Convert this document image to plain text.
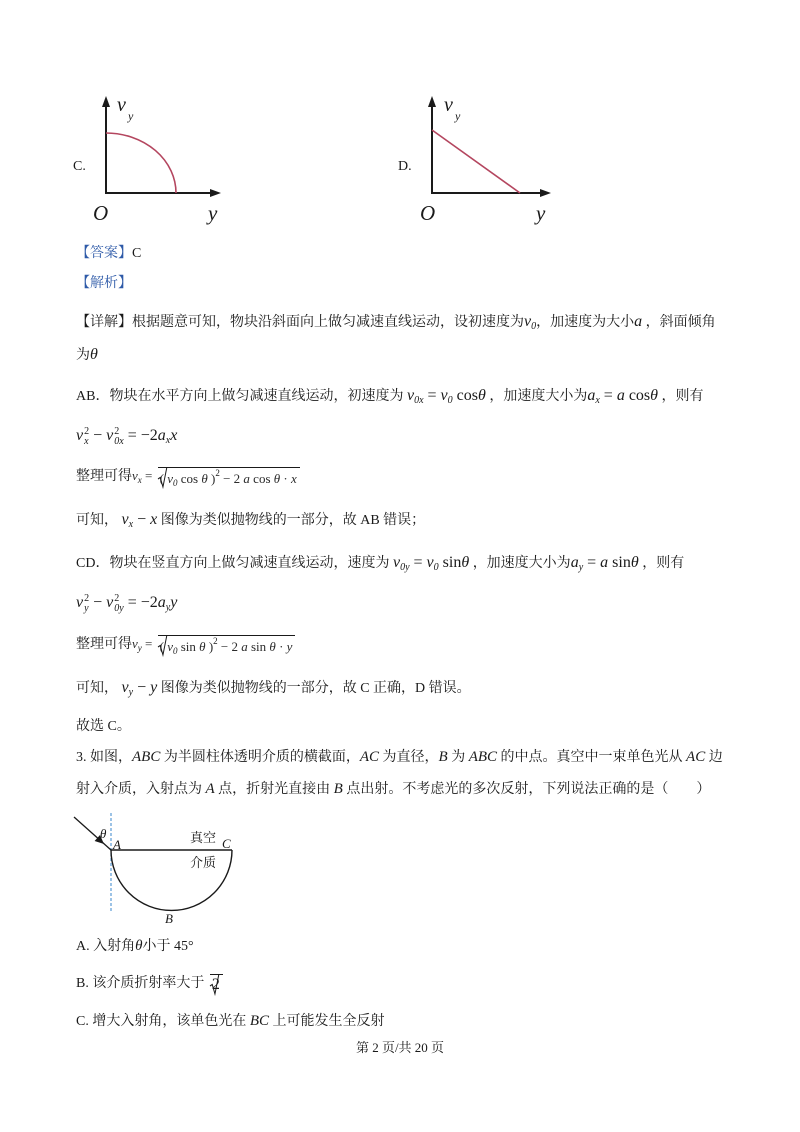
C.
v y
O	y
D.
v y
O	y
【答案】C
【解析】
【详解】根据题意可知，物块沿斜面向上做匀减速直线运动，设初速度为$v_0$，加速度为大小a ，斜面倾角
为θ
AB．物块在水平方向上做匀减速直线运动，初速度为 $v_{0x} = v_0$ cosθ ，加速度大小为$a_x = a$ cosθ ，则有
v 2
x − v 2
$0x = -2a_xx$
整理可得$v_x$ = ( $v_0$ cos θ )$^2$ − 2 a cos θ · x
可知， $v_x - x$ 图像为类似抛物线的一部分，故 AB 错误；
CD．物块在竖直方向上做匀减速直线运动，速度为 $v_{0y} = v_0$ sinθ ，加速度大小为$a_y = a$ sinθ ，则有
v 2
y − v 2
$0y = -2a_yy$
整理可得$v_y$ = ( $v_0$ sin θ )$^2$ − 2 a sin θ · y
可知， $v_y - y$ 图像为类似抛物线的一部分，故 C 正确，D 错误。
故选 C。
3. 如图，ABC 为半圆柱体透明介质的横截面，AC 为直径，B 为 ABC 的中点。真空中一束单色光从 AC 边
射入介质，入射点为 A 点，折射光直接由 B 点出射。不考虑光的多次反射，下列说法正确的是（　　）
θ
A	C
B
真空
介质
A. 入射角θ小于 45°
B. 该介质折射率大于 2
C. 增大入射角，该单色光在 BC 上可能发生全反射
第 2 页/共 20 页
